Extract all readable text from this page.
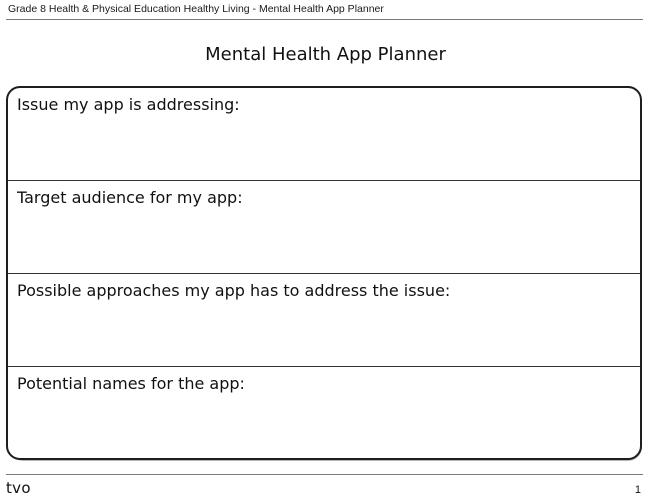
Grade 8 Health & Physical Education Healthy Living - Mental Health App Planner
Mental Health App Planner
Issue my app is addressing:
Target audience for my app:
Possible approaches my app has to address the issue:
Potential names for the app:
tvo	1
